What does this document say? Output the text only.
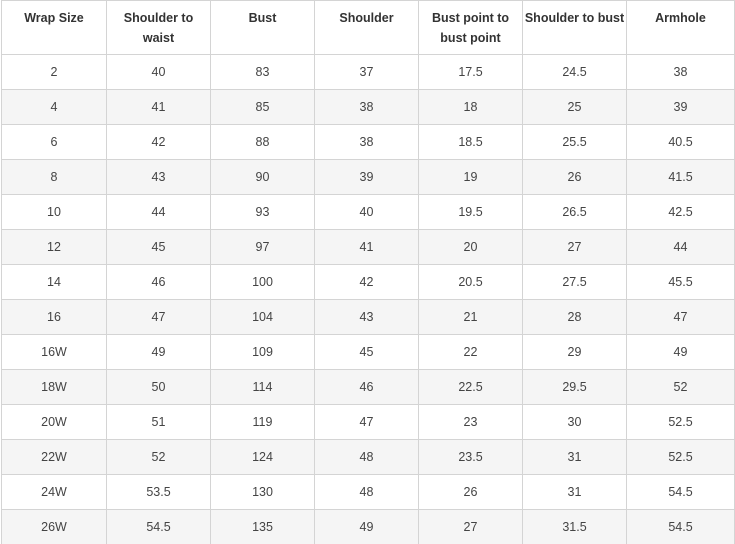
Wrap Size	Shoulder to waist	Bust	Shoulder	Bust point to bust point	Shoulder to bust	Armhole
2	40	83	37	17.5	24.5	38
4	41	85	38	18	25	39
6	42	88	38	18.5	25.5	40.5
8	43	90	39	19	26	41.5
10	44	93	40	19.5	26.5	42.5
12	45	97	41	20	27	44
14	46	100	42	20.5	27.5	45.5
16	47	104	43	21	28	47
16W	49	109	45	22	29	49
18W	50	114	46	22.5	29.5	52
20W	51	119	47	23	30	52.5
22W	52	124	48	23.5	31	52.5
24W	53.5	130	48	26	31	54.5
26W	54.5	135	49	27	31.5	54.5
